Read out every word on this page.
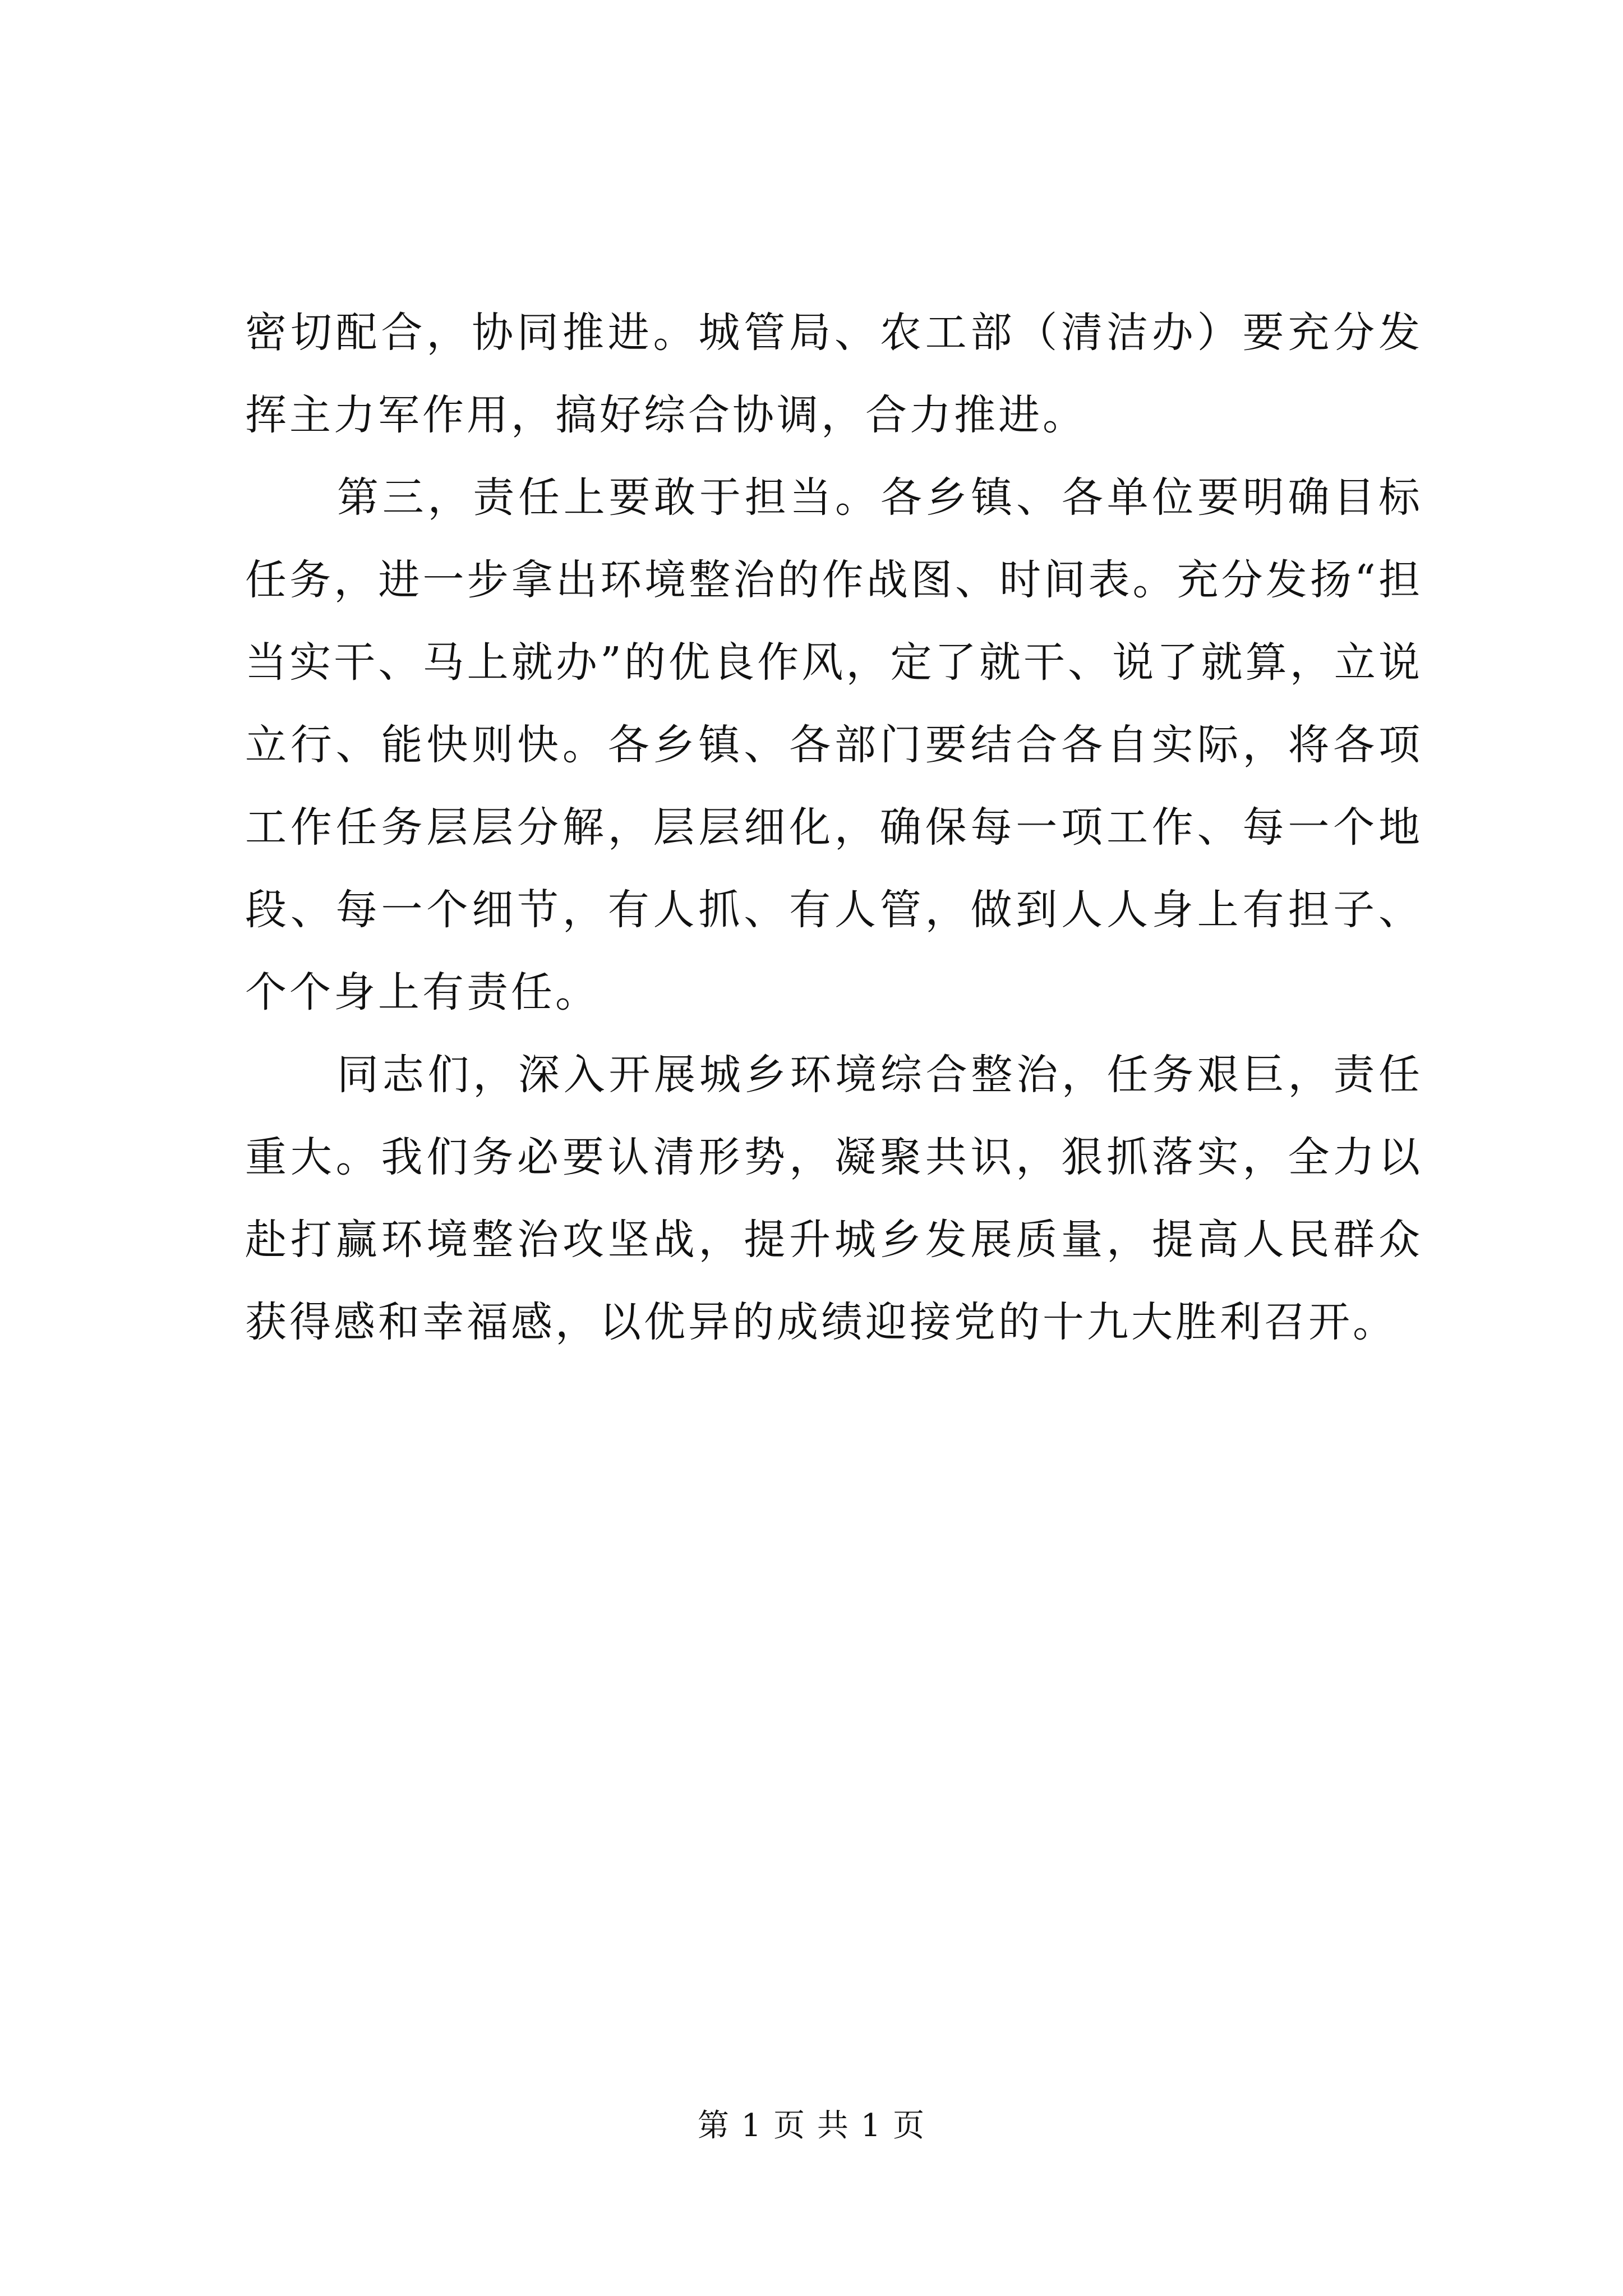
密切配合，协同推进。城管局、农工部（清洁办）要充分发挥主力军作用，搞好综合协调，合力推进。

第三，责任上要敢于担当。各乡镇、各单位要明确目标任务，进一步拿出环境整治的作战图、时间表。充分发扬“担当实干、马上就办”的优良作风，定了就干、说了就算，立说立行、能快则快。各乡镇、各部门要结合各自实际，将各项工作任务层层分解，层层细化，确保每一项工作、每一个地段、每一个细节，有人抓、有人管，做到人人身上有担子、个个身上有责任。

同志们，深入开展城乡环境综合整治，任务艰巨，责任重大。我们务必要认清形势，凝聚共识，狠抓落实，全力以赴打赢环境整治攻坚战，提升城乡发展质量，提高人民群众获得感和幸福感，以优异的成绩迎接党的十九大胜利召开。

第 1 页 共 1 页
